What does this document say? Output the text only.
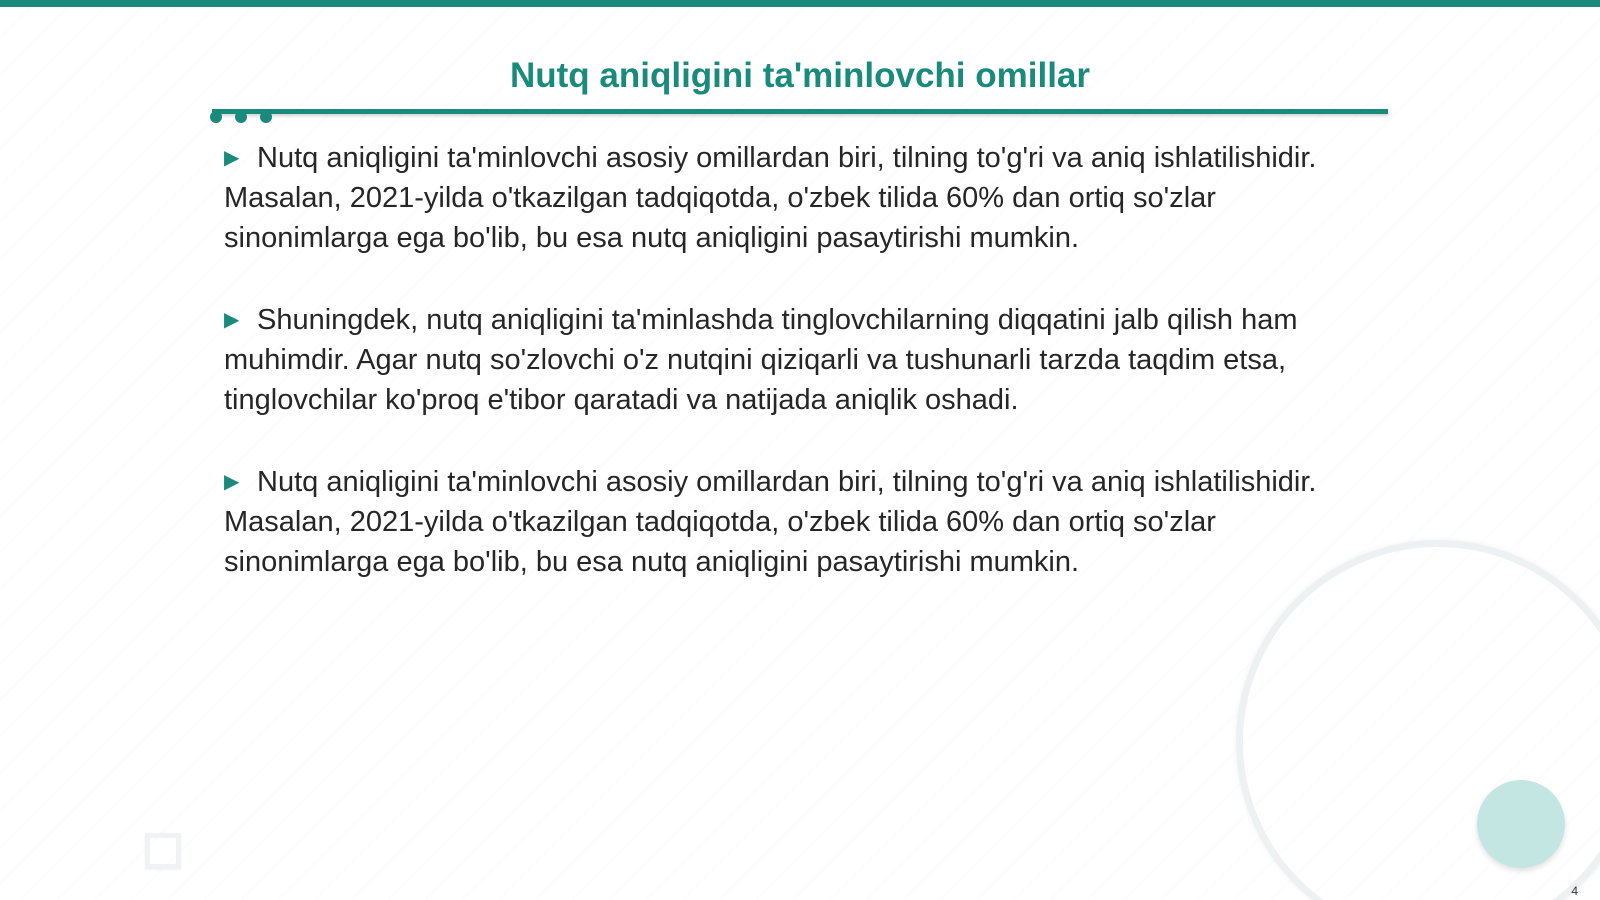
Nutq aniqligini ta'minlovchi omillar
▶ Nutq aniqligini ta'minlovchi asosiy omillardan biri, tilning to'g'ri va aniq ishlatilishidir. Masalan, 2021-yilda o'tkazilgan tadqiqotda, o'zbek tilida 60% dan ortiq so'zlar sinonimlarga ega bo'lib, bu esa nutq aniqligini pasaytirishi mumkin.
▶ Shuningdek, nutq aniqligini ta'minlashda tinglovchilarning diqqatini jalb qilish ham muhimdir. Agar nutq so'zlovchi o'z nutqini qiziqarli va tushunarli tarzda taqdim etsa, tinglovchilar ko'proq e'tibor qaratadi va natijada aniqlik oshadi.
▶ Nutq aniqligini ta'minlovchi asosiy omillardan biri, tilning to'g'ri va aniq ishlatilishidir. Masalan, 2021-yilda o'tkazilgan tadqiqotda, o'zbek tilida 60% dan ortiq so'zlar sinonimlarga ega bo'lib, bu esa nutq aniqligini pasaytirishi mumkin.
4
